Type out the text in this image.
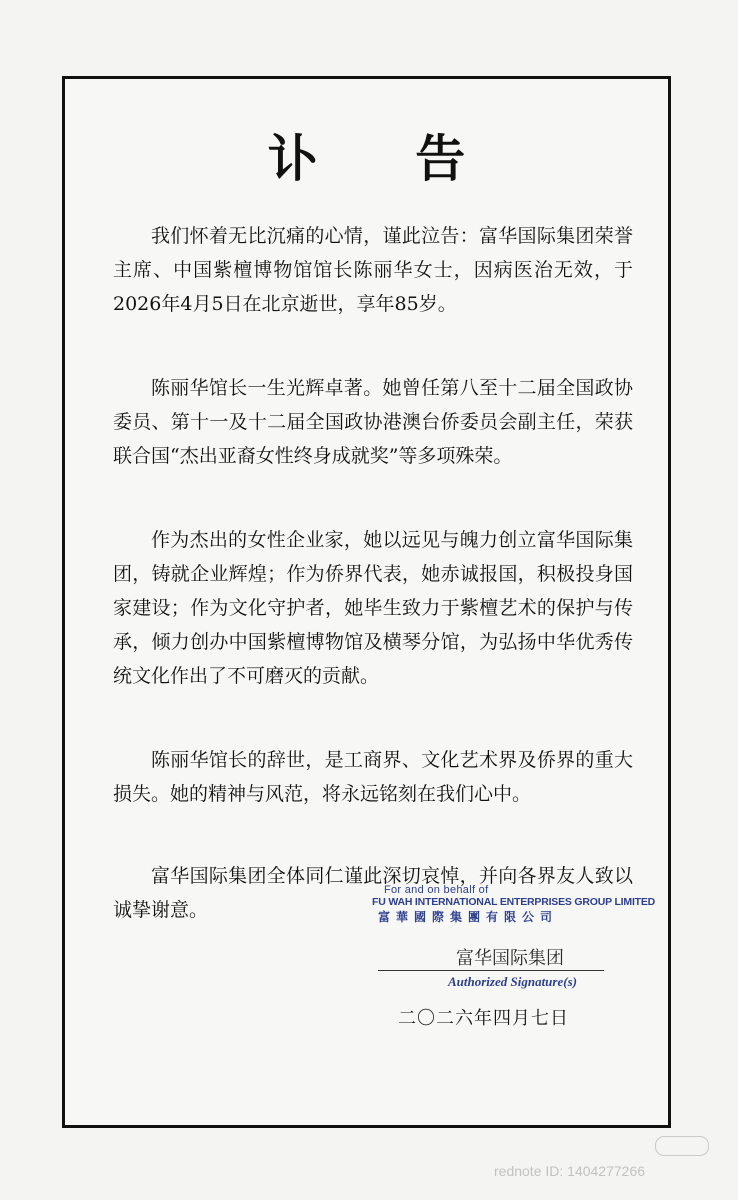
讣 告

我们怀着无比沉痛的心情，谨此泣告：富华国际集团荣誉主席、中国紫檀博物馆馆长陈丽华女士，因病医治无效，于2026年4月5日在北京逝世，享年85岁。

陈丽华馆长一生光辉卓著。她曾任第八至十二届全国政协委员、第十一及十二届全国政协港澳台侨委员会副主任，荣获联合国“杰出亚裔女性终身成就奖”等多项殊荣。

作为杰出的女性企业家，她以远见与魄力创立富华国际集团，铸就企业辉煌；作为侨界代表，她赤诚报国，积极投身国家建设；作为文化守护者，她毕生致力于紫檀艺术的保护与传承，倾力创办中国紫檀博物馆及横琴分馆，为弘扬中华优秀传统文化作出了不可磨灭的贡献。

陈丽华馆长的辞世，是工商界、文化艺术界及侨界的重大损失。她的精神与风范，将永远铭刻在我们心中。

富华国际集团全体同仁谨此深切哀悼，并向各界友人致以诚挚谢意。

For and on behalf of
FU WAH INTERNATIONAL ENTERPRISES GROUP LIMITED
富華國際集團有限公司
富华国际集团
Authorized Signature(s)
二〇二六年四月七日
rednote ID: 1404277266
